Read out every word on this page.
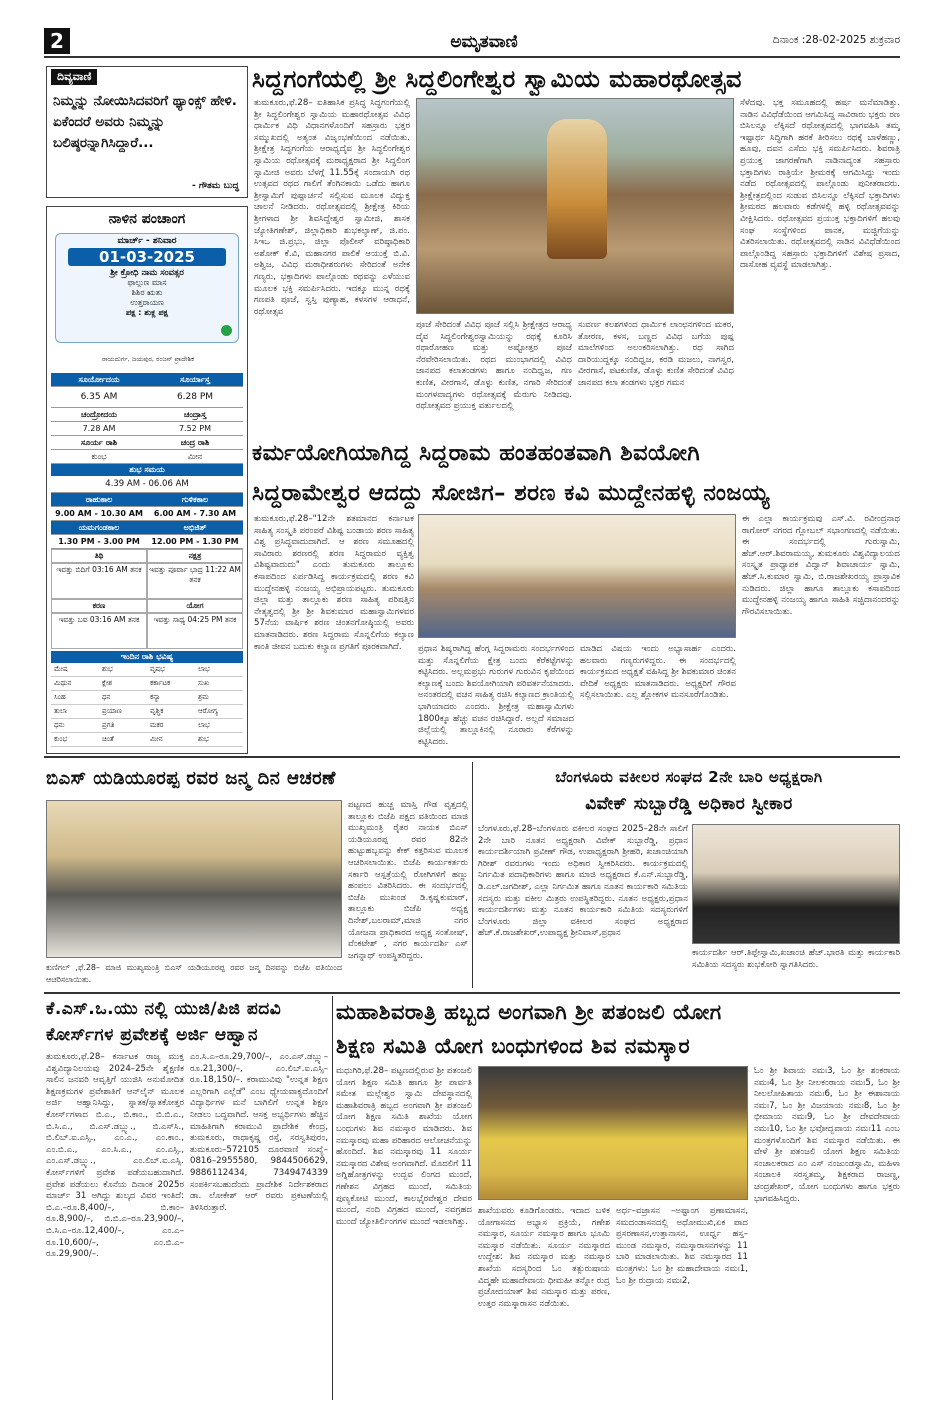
2	ಅಮೃತವಾಣಿ	ದಿನಾಂಕ :28-02-2025 ಶುಕ್ರವಾರ
ದಿವ್ಯವಾಣಿ
ನಿಮ್ಮನ್ನು ನೋಯಿಸಿದವರಿಗೆ ಥ್ಯಾಂಕ್ಸ್ ಹೇಳಿ. ಏಕೆಂದರೆ ಅವರು ನಿಮ್ಮನ್ನು ಬಲಿಷ್ಠರನ್ನಾಗಿಸಿದ್ದಾರೆ...
- ಗೌತಮ ಬುದ್ಧ
ನಾಳಿನ ಪಂಚಾಂಗ
ಮಾರ್ಚ್ - ಶನಿವಾರ
01-03-2025
ಶ್ರೀ ಕ್ರೋಧಿ ನಾಮ ಸಂವತ್ಸರ
ಫಾಲ್ಗುಣ ಮಾಸ
ಶಿಶಿರ ಋತು
ಉತ್ತರಾಯಣ
ಪಕ್ಷ : ಶುಕ್ಲ ಪಕ್ಷ
ರಾಯದುರ್ಗ, ಜಯಪುರ, ರಂಜನ್ ಪ್ರಾದೇಶಿಕ
ಸೂರ್ಯೋದಯ	ಸೂರ್ಯಾಸ್ತ
6.35 AM	6.28 PM
ಚಂದ್ರೋದಯ	ಚಂದ್ರಾಸ್ತ
7.28 AM	7.52 PM
ಸೂರ್ಯ ರಾಶಿ	ಚಂದ್ರ ರಾಶಿ
ಕುಂಭ	ಮೀನ
ಶುಭ ಸಮಯ
4.39 AM - 06.06 AM
ರಾಹುಕಾಲ	ಗುಳಿಕಕಾಲ
9.00 AM - 10.30 AM	6.00 AM - 7.30 AM
ಯಮಗಂಡಕಾಲ	ಅಭಿಜಿತ್
1.30 PM - 3.00 PM	12.00 PM - 1.30 PM
ತಿಥಿ	ನಕ್ಷತ್ರ
ಇವತ್ತು ಬಿದಿಗೆ 03:16 AM ತನಕ	ಇವತ್ತು ಪೂರ್ವಾ ಭಾದ್ರ 11:22 AM ತನಕ
ಕರಣ	ಯೋಗ
ಇವತ್ತು ಬವ 03:16 AM ತನಕ	ಇವತ್ತು ಸಾಧ್ಯ 04:25 PM ತನಕ
ಇಂದಿನ ರಾಶಿ ಭವಿಷ್ಯ
ಮೇಷ	ಶುಭ	ವೃಷಭ	ಲಾಭ
ಮಿಥುನ	ಕ್ಲೇಶ	ಕರ್ಕಾಟಕ	ಸುಖ
ಸಿಂಹ	ಧನ	ಕನ್ಯಾ	ಶ್ರಮ
ತುಲಾ	ಪ್ರಯಾಣ	ವೃಶ್ಚಿಕ	ಆರೋಗ್ಯ
ಧನು	ಪ್ರಗತಿ	ಮಕರ	ಲಾಭ
ಕುಂಭ	ಚಿಂತೆ	ಮೀನ	ಶುಭ
ಸಿದ್ದಗಂಗೆಯಲ್ಲಿ ಶ್ರೀ ಸಿದ್ದಲಿಂಗೇಶ್ವರ ಸ್ವಾಮಿಯ ಮಹಾರಥೋತ್ಸವ
ತುಮಕೂರು,ಫೆ.28– ಐತಿಹಾಸಿಕ ಪ್ರಸಿದ್ಧ ಸಿದ್ಧಗಂಗೆಯಲ್ಲಿ ಶ್ರೀ ಸಿದ್ಧಲಿಂಗೇಶ್ವರ ಸ್ವಾಮಿಯ ಮಹಾರಥೋತ್ಸವ ವಿವಿಧ ಧಾರ್ಮಿಕ ವಿಧಿ ವಿಧಾನಗಳೊಂದಿಗೆ ಸಹಸ್ರಾರು ಭಕ್ತರ ಸಮ್ಮುಖದಲ್ಲಿ ಅತ್ಯಂತ ವಿಜೃಂಭಣೆಯಿಂದ ನಡೆಯಿತು. ಶ್ರೀಕ್ಷೇತ್ರ ಸಿದ್ಧಗಂಗೆಯ ಆರಾಧ್ಯದೈವ ಶ್ರೀ ಸಿದ್ಧಲಿಂಗೇಶ್ವರ ಸ್ವಾಮಿಯ ರಥೋತ್ಸವಕ್ಕೆ ಮಠಾಧ್ಯಕ್ಷರಾದ ಶ್ರೀ ಸಿದ್ಧಲಿಂಗ ಸ್ವಾಮೀಜಿ ಅವರು ಬೆಳಗ್ಗೆ 11.55ಕ್ಕೆ ಸಂದಾಯಗಿ ರಥ ಉತ್ಸವದ ರಥದ ಗಾಲಿಗೆ ತೆಂಗಿನಕಾಯಿ ಒಡೆದು ಹಾಗೂ ಶ್ರೀಸ್ವಾಮಿಗೆ ಪುಷ್ಪಾರ್ಚನೆ ಸಲ್ಲಿಸುವ ಮೂಲಕ ವಿದ್ಯುಕ್ತ ಚಾಲನೆ ನೀಡಿದರು. ರಥೋತ್ಸವದಲ್ಲಿ ಶ್ರೀಕ್ಷೇತ್ರ ಕಿರಿಯ ಶ್ರೀಗಳಾದ ಶ್ರೀ ಶಿವಸಿದ್ದೇಶ್ವರ ಸ್ವಾಮೀಜಿ, ಶಾಸಕ ಜ್ಯೋತಿಗಣೇಶ್, ಜಿಲ್ಲಾಧಿಕಾರಿ ಶುಭಕಲ್ಯಾಣ್, ಜಿ.ಪಂ. ಸಿಇಒ ಜಿ.ಪ್ರಭು, ಜಿಲ್ಲಾ ಪೊಲೀಸ್ ವರಿಷ್ಠಾಧಿಕಾರಿ ಅಶೋಕ್ ಕೆ.ವಿ, ಮಹಾನಗರ ಪಾಲಿಕೆ ಆಯುಕ್ತೆ ಬಿ.ವಿ. ಅಶ್ವಿಜ, ವಿವಿಧ ಮಠಾಧೀಶರುಗಳು ಸೇರಿದಂತೆ ಅನೇಕ ಗಣ್ಯರು, ಭಕ್ತಾದಿಗಳು ಪಾಲ್ಗೊಂಡು ರಥವನ್ನು ಎಳೆಯುವ ಮೂಲಕ ಭಕ್ತಿ ಸಮರ್ಪಿಸಿದರು. ಇದಕ್ಕೂ ಮುನ್ನ ರಥಕ್ಕೆ ಗಣಪತಿ ಪೂಜೆ, ಸ್ವಸ್ತಿ ಪುಣ್ಯಾಹ, ಕಳಸಗಳ ಆರಾಧನೆ, ರಥೋತ್ಸವ
ಪೂಜೆ ಸೇರಿದಂತೆ ವಿವಿಧ ಪೂಜೆ ಸಲ್ಲಿಸಿ ಶ್ರೀಕ್ಷೇತ್ರದ ಆರಾಧ್ಯ ದೈವ ಸಿದ್ಧಲಿಂಗೇಶ್ವರಸ್ವಾಮಿಯನ್ನು ರಥಕ್ಕೆ ಕೂರಿಸಿ ರಥಾರೋಹಣ ಮತ್ತು ಅಷ್ಟೋತ್ತರ ಪೂಜೆ ನೆರವೇರಿಸಲಾಯಿತು. ರಥದ ಮುಂಭಾಗದಲ್ಲಿ ವಿವಿಧ ಜಾನಪದ ಕಲಾತಂಡಗಳು ಹಾಗೂ ನಂದಿಧ್ವಜ, ಗಣ ಕುಣಿತ, ವೀರಗಾಸೆ, ಡೊಳ್ಳು ಕುಣಿತ, ನಗಾರಿ ಸೇರಿದಂತೆ ಮಂಗಳವಾದ್ಯಗಳು ರಥೋತ್ಸವಕ್ಕೆ ಮೆರುಗು ನೀಡಿದವು. ರಥೋತ್ಸವದ ಪ್ರಯುಕ್ತ ವರ್ತುಲದಲ್ಲಿ
ಸುವರ್ಣ ಕಲಶಗಳಿಂದ ಧಾರ್ಮಿಕ ಲಾಂಛನಗಳಿಂದ ಮಕರ, ತೋರಣ, ಕಳಸ, ಬಣ್ಣದ ವಿವಿಧ ಬಗೆಯ ಪುಷ್ಪ ಮಾಲೆಗಳಿಂದ ಅಲಂಕರಿಸಲಾಗಿತ್ತು. ರಥ ಸಾಗಿದ ದಾರಿಯುದ್ದಕ್ಕೂ ನಂದಿಧ್ವಜ, ಕರಡಿ ಮಜಲು, ನಾಗಸ್ವರ, ವೀರಗಾಸೆ, ಪಟಕುಣಿತ, ಡೊಳ್ಳು ಕುಣಿತ ಸೇರಿದಂತೆ ವಿವಿಧ ಜಾನಪದ ಕಲಾ ತಂಡಗಳು ಭಕ್ತರ ಗಮನ
ಸೆಳೆದವು. ಭಕ್ತ ಸಮೂಹದಲ್ಲಿ ಹರ್ಷ ಮನೆಮಾಡಿತ್ತು. ನಾಡಿನ ವಿವಿಧೆಡೆಯಿಂದ ಆಗಮಿಸಿದ್ದ ಸಾವಿರಾರು ಭಕ್ತರು ರಣ ಬಿಸಿಲನ್ನೂ ಲೆಕ್ಕಿಸದೆ ರಥೋತ್ಸವದಲ್ಲಿ ಭಾಗವಹಿಸಿ ತಮ್ಮ ಇಷ್ಟಾರ್ಥ ಸಿದ್ಧಿಗಾಗಿ ಹರಕೆ ತೀರಿಸಲು ರಥಕ್ಕೆ ಬಾಳೆಹಣ್ಣು, ಹೂವು, ದವನ ಎಸೆದು ಭಕ್ತಿ ಸಮರ್ಪಿಸಿದರು. ಶಿವರಾತ್ರಿ ಪ್ರಯುಕ್ತ ಜಾಗರಣೆಗಾಗಿ ನಾಡಿನಾದ್ಯಂತ ಸಹಸ್ರಾರು ಭಕ್ತಾದಿಗಳು ರಾತ್ರಿಯೇ ಶ್ರೀಮಠಕ್ಕೆ ಆಗಮಿಸಿದ್ದು ಇಂದು ನಡೆದ ರಥೋತ್ಸವದಲ್ಲಿ ಪಾಲ್ಗೊಂಡು ಪುನೀತರಾದರು. ಶ್ರೀಕ್ಷೇತ್ರದಲ್ಲಿಂದ ಸುಡುವ ಬಿಸಿಲನ್ನೂ ಲೆಕ್ಕಿಸದೆ ಭಕ್ತಾದಿಗಳು ಶ್ರೀಮಠದ ಹಲವಾರು ಕಡೆಗಳಲ್ಲಿ ಹಳ್ಳಿ ರಥೋತ್ಸವವನ್ನು ವೀಕ್ಷಿಸಿದರು. ರಥೋತ್ಸವದ ಪ್ರಯುಕ್ತ ಭಕ್ತಾದಿಗಳಿಗೆ ಹಲವು ಸಂಘ ಸಂಸ್ಥೆಗಳಿಂದ ಪಾನಕ, ಮಜ್ಜಿಗೆಯನ್ನು ವಿತರಿಸಲಾಯಿತು. ರಥೋತ್ಸವದಲ್ಲಿ ನಾಡಿನ ವಿವಿಧೆಡೆಯಿಂದ ಪಾಲ್ಗೊಂಡಿದ್ದ ಸಹಸ್ರಾರು ಭಕ್ತಾದಿಗಳಿಗೆ ವಿಶೇಷ ಪ್ರಸಾದ, ದಾಸೋಹ ವ್ಯವಸ್ಥೆ ಮಾಡಲಾಗಿತ್ತು.
ಕರ್ಮಯೋಗಿಯಾಗಿದ್ದ ಸಿದ್ದರಾಮ ಹಂತಹಂತವಾಗಿ ಶಿವಯೋಗಿ
ಸಿದ್ದರಾಮೇಶ್ವರ ಆದದ್ದು ಸೋಜಿಗ– ಶರಣ ಕವಿ ಮುದ್ದೇನಹಳ್ಳಿ ನಂಜಯ್ಯ
ತುಮಕೂರು,ಫೆ.28–"12ನೇ ಶತಮಾನದ ಕರ್ನಾಟಕ ಸಾಹಿತ್ಯ ಸಂಸ್ಕೃತಿ ಪರಂಪರೆ ವಿಶಿಷ್ಟ ಬಂಡಾಯ ಶರಣ ಸಾಹಿತ್ಯ ವಿಶ್ವ ಪ್ರಸಿದ್ಧವಾದುದಾಗಿದೆ. ಆ ಶರಣ ಸಮೂಹದಲ್ಲಿ ಸಾವಿರಾರು ಶರಣರಲ್ಲಿ ಶರಣ ಸಿದ್ದರಾಮರ ವ್ಯಕ್ತಿತ್ವ ವಿಶಿಷ್ಟವಾದುದು" ಎಂದು ತುಮಕೂರು ತಾಲ್ಲೂಕು ಕಸಾಪದಿಂದ ಏರ್ಪಡಿಸಿದ್ದ ಕಾರ್ಯಕ್ರಮದಲ್ಲಿ ಶರಣ ಕವಿ ಮುದ್ದೇನಹಳ್ಳಿ ನಂಜಯ್ಯ ಅಭಿಪ್ರಾಯಪಟ್ಟರು. ತುಮಕೂರು ಜಿಲ್ಲಾ ಮತ್ತು ತಾಲ್ಲೂಕು ಶರಣ ಸಾಹಿತ್ಯ ಪರಿಷತ್ತಿನ ನೇತೃತ್ವದಲ್ಲಿ ಶ್ರೀ ಶ್ರೀ ಶಿವಕುಮಾರ ಮಹಾಸ್ವಾಮಿಗಳವರ 57ನೆಯ ವಾರ್ಷಿಕ ಶರಣ ಚಿಂತನಗೋಷ್ಠಿಯಲ್ಲಿ ಅವರು ಮಾತನಾಡಿದರು. ಶರಣ ಸಿದ್ದರಾಮ ಸೊನ್ನಲಿಗೆಯ ಕಲ್ಯಾಣ ಕಾಂತಿ ಜೀವನ ಬದುಕು ಕಲ್ಯಾಣ ಪ್ರಗತಿಗೆ ಪೂರಕವಾಗಿದೆ.	ಪ್ರಧಾನ ಶಿಷ್ಯರಾಗಿದ್ದ ಹೆಂಗ್ಗ ಸಿದ್ದರಾಮರು ಸಂದರ್ಭಗಳಿಂದ ಮತ್ತು ಸೊನ್ನಲಿಗೆಯ ಕ್ಷೇತ್ರ ಬಂದು ಕೆರೆಕಟ್ಟೆಗಳನ್ನು ಕಟ್ಟಿಸಿದರು. ಅಲ್ಲಮಪ್ರಭು ಗುರುಗಳ ಗುರುವಿನ ಕೃಪೆಯಿಂದ ಕಲ್ಯಾಣಕ್ಕೆ ಬಂದು ಶಿವಯೋಗಿಯಾಗಿ ಪರಿವರ್ತನೆಯಾದರು. ಅನಂತರದಲ್ಲಿ ವಚನ ಸಾಹಿತ್ಯ ರಚಿಸಿ ಕಲ್ಯಾಣದ ಕ್ರಾಂತಿಯಲ್ಲಿ ಭಾಗಿಯಾದರು ಎಂದರು. ಶ್ರೀಕ್ಷೇತ್ರ ಮಹಾಸ್ವಾಮಿಗಳು 1800ಕ್ಕೂ ಹೆಚ್ಚು ವಚನ ರಚಿಸಿದ್ದಾರೆ. ಅಲ್ಲದೆ ಸಮಾಜದ ಜಿಲ್ಲೆಯಲ್ಲಿ ತಾಲ್ಲೂಕಿನಲ್ಲಿ ನೂರಾರು ಕೆರೆಗಳನ್ನು ಕಟ್ಟಿಸಿದರು.
ಮಾಡಿದ ವಿಷಯ ಇಂದು ಅಭ್ಯಾಸಾರ್ಹ ಎಂದರು. ಹಲವಾರು ಗಣ್ಯರುಗಳಿದ್ದರು. ಈ ಸಂದರ್ಭದಲ್ಲಿ ಕಾರ್ಯಕ್ರಮದ ಅಧ್ಯಕ್ಷತೆ ವಹಿಸಿದ್ದ ಶ್ರೀ ಶಿವಕುಮಾರ ಚಿಂತನ ವೇದಿಕೆ ಅಧ್ಯಕ್ಷರು ಮಾತನಾಡಿದರು. ಅಧ್ಯಕ್ಷರಿಗೆ ಗೌರವ ಸಲ್ಲಿಸಲಾಯಿತು. ಎಲ್ಲ ಶ್ಲೋಕಗಳ ಮನಸೂರೆಗೊಂಡಿತು.
ಈ ಎಲ್ಲಾ ಕಾರ್ಯಕ್ರಮವು ಎಸ್.ವಿ. ರವೀಂದ್ರನಾಥ ಠಾಗೋರ್ ನಗರದ ಗ್ಲೋಬಲ್ ಸಭಾಂಗಣದಲ್ಲಿ ನಡೆಯಿತು. ಈ ಸಂದರ್ಭದಲ್ಲಿ ಗುರುಸ್ವಾಮಿ, ಹೆಚ್.ಆರ್.ಶಿವರಾಮಯ್ಯ, ತುಮಕೂರು ವಿಶ್ವವಿದ್ಯಾಲಯದ ಸಂಸ್ಕೃತ ಪ್ರಾಧ್ಯಾಪಕ ವಿದ್ವಾನ್ ಶಿವಾಚಾರ್ಯ ಸ್ವಾಮಿ, ಹೆಚ್.ಸಿ.ಕುಮಾರ ಸ್ವಾಮಿ, ಬಿ.ರಾಜಶೇಖರಯ್ಯ ಪ್ರಾಸ್ತಾವಿಕ ನುಡಿದರು. ಜಿಲ್ಲಾ ಹಾಗೂ ತಾಲ್ಲೂಕು ಕಸಾಪದಿಂದ ಮುದ್ದೇನಹಳ್ಳಿ ನಂಜಯ್ಯ ಹಾಗೂ ಸಾಹಿತಿ ಸಚ್ಚಿದಾನಂದರನ್ನು ಗೌರವಿಸಲಾಯಿತು.
ಬಿಎಸ್ ಯಡಿಯೂರಪ್ಪ ರವರ ಜನ್ಮ ದಿನ ಆಚರಣೆ
ಕುಣಿಗಲ್ ,ಫೆ.28– ಮಾಜಿ ಮುಖ್ಯಮಂತ್ರಿ ಬಿಎಸ್ ಯಡಿಯೂರಪ್ಪ ರವರ ಜನ್ಮ ದಿನವನ್ನು ಬಿಜೆಪಿ ವತಿಯಿಂದ ಆಚರಿಸಲಾಯಿತು.
ಪಟ್ಟಣದ ಹುಚ್ಚ ಮಾಸ್ತಿ ಗೌಡ ವೃತ್ತದಲ್ಲಿ ತಾಲ್ಲೂಕು ಬಿಜೆಪಿ ಪಕ್ಷದ ವತಿಯಿಂದ ಮಾಜಿ ಮುಖ್ಯಮಂತ್ರಿ ರೈತರ ನಾಯಕ ಬಿಎಸ್ ಯಡಿಯೂರಪ್ಪ ರವರ 82ನೇ ಹುಟ್ಟುಹಬ್ಬವನ್ನು ಕೇಕ್ ಕತ್ತರಿಸುವ ಮೂಲಕ ಆಚರಿಸಲಾಯಿತು. ಬಿಜೆಪಿ ಕಾರ್ಯಕರ್ತರು ಸರ್ಕಾರಿ ಆಸ್ಪತ್ರೆಯಲ್ಲಿ ರೋಗಿಗಳಿಗೆ ಹಣ್ಣು ಹಂಪಲು ವಿತರಿಸಿದರು. ಈ ಸಂದರ್ಭದಲ್ಲಿ ಬಿಜೆಪಿ ಮುಖಂಡ ಡಿ.ಕೃಷ್ಣಕುಮಾರ್, ತಾಲ್ಲೂಕು ಬಿಜೆಪಿ ಅಧ್ಯಕ್ಷ ದಿನೇಶ್,ಬಲರಾಮ್,ಮಾಜಿ ನಗರ ಯೋಜನಾ ಪ್ರಾಧಿಕಾರದ ಅಧ್ಯಕ್ಷ ಸಂತೋಷ್, ವೆಂಕಟೇಶ್ , ನಗರ ಕಾರ್ಯದರ್ಶಿ ಎಸ್ ಜಗನ್ನಾಥ್ ಉಪಸ್ಥಿತರಿದ್ದರು.
ಬೆಂಗಳೂರು ವಕೀಲರ ಸಂಘದ 2ನೇ ಬಾರಿ ಅಧ್ಯಕ್ಷರಾಗಿ
ವಿವೇಕ್ ಸುಬ್ಬಾರೆಡ್ಡಿ ಅಧಿಕಾರ ಸ್ವೀಕಾರ
ಬೆಂಗಳೂರು,ಫೆ.28–ಬೆಂಗಳೂರು ವಕೀಲರ ಸಂಘದ 2025–28ನೇ ಸಾಲಿಗೆ 2ನೇ ಬಾರಿ ನೂತನ ಅಧ್ಯಕ್ಷರಾಗಿ ವಿವೇಕ್ ಸುಬ್ಬಾರೆಡ್ಡಿ, ಪ್ರಧಾನ ಕಾರ್ಯದರ್ಶಿಯಾಗಿ ಪ್ರವೀಣ್ ಗೌಡ, ಉಪಾಧ್ಯಕ್ಷರಾಗಿ ಶ್ರೀಹರಿ, ಖಜಾಂಚಿಯಾಗಿ ಗಿರೀಶ್ ರವರುಗಳು ಇಂದು ಅಧಿಕಾರ ಸ್ವೀಕರಿಸಿದರು. ಕಾರ್ಯಕ್ರಮದಲ್ಲಿ ನಿರ್ಗಮಿತ ಪದಾಧಿಕಾರಿಗಳು ಹಾಗೂ ಮಾಜಿ ಅಧ್ಯಕ್ಷರಾದ ಕೆ.ಎನ್.ಸುಬ್ಬಾರೆಡ್ಡಿ, ಡಿ.ಎಲ್.ಜಗದೀಶ್, ಎಲ್ಲಾ ನಿರ್ಗಮಿತ ಹಾಗೂ ನೂತನ ಕಾರ್ಯಕಾರಿ ಸಮಿತಿಯ ಸದಸ್ಯರು ಮತ್ತು ವಕೀಲ ಮಿತ್ರರು ಉಪಸ್ಥಿತರಿದ್ದರು. ನೂತನ ಅಧ್ಯಕ್ಷರು,ಪ್ರಧಾನ ಕಾರ್ಯದರ್ಶಿಗಳು ಮತ್ತು ನೂತನ ಕಾರ್ಯಕಾರಿ ಸಮಿತಿಯ ಸದಸ್ಯರುಗಳಿಗೆ ಬೆಂಗಳೂರು ಜಿಲ್ಲಾ ವಕೀಲರ ಸಂಘದ ಅಧ್ಯಕ್ಷರಾದ ಹೆಚ್.ಕೆ.ರಾಜಶೇಖರ್,ಉಪಾಧ್ಯಕ್ಷ ಶ್ರೀನಿವಾಸ್,ಪ್ರಧಾನ
ಕಾರ್ಯದರ್ಶಿ ಆರ್.ತಿಪ್ಪೇಸ್ವಾಮಿ,ಖಜಾಂಚಿ ಹೆಚ್.ಭಾರತಿ ಮತ್ತು ಕಾರ್ಯಕಾರಿ ಸಮಿತಿಯ ಸದಸ್ಯರು ಶುಭಕೋರಿ ಸ್ವಾಗತಿಸಿದರು.
ಕೆ.ಎಸ್.ಒ.ಯು ನಲ್ಲಿ ಯುಜಿ/ಪಿಜಿ ಪದವಿ
ಕೋರ್ಸ್‌ಗಳ ಪ್ರವೇಶಕ್ಕೆ ಅರ್ಜಿ ಆಹ್ವಾನ
ತುಮಕೂರು,ಫೆ.28– ಕರ್ನಾಟಕ ರಾಜ್ಯ ಮುಕ್ತ ವಿಶ್ವವಿದ್ಯಾನಿಲಯವು 2024–25ನೇ ಶೈಕ್ಷಣಿಕ ಸಾಲಿನ ಜನವರಿ ಆವೃತ್ತಿಗೆ ಯುಜಿಸಿ ಅನುಮೋದಿತ ಶಿಕ್ಷಣಕ್ರಮಗಳ ಪ್ರವೇಶಾತಿಗೆ ಆನ್‌ಲೈನ್ ಮೂಲಕ ಅರ್ಜಿ ಆಹ್ವಾನಿಸಿದ್ದು, ಸ್ನಾತಕ/ಸ್ನಾತಕೋತ್ತರ ಕೋರ್ಸ್‌ಗಳಾದ ಬಿ.ಎ., ಬಿ.ಕಾಂ., ಬಿ.ಬಿ.ಎ., ಬಿ.ಸಿ.ಎ., ಬಿ.ಎಸ್.ಡಬ್ಲ್ಯು., ಬಿ.ಎಸ್‌ಸಿ., ಬಿ.ಲಿಬ್.ಐ.ಎಸ್ಸಿ., ಎಂ.ಎ., ಎಂ.ಕಾಂ., ಎಂ.ಬಿ.ಎ., ಎಂ.ಸಿ.ಎ., ಎಂ.ಎಸ್ಸಿ., ಎಂ.ಎಸ್.ಡಬ್ಲ್ಯು., ಎಂ.ಲಿಬ್.ಐ.ಎಸ್ಸಿ. ಕೋರ್ಸ್‌ಗಳಿಗೆ ಪ್ರವೇಶ ಪಡೆಯಬಹುದಾಗಿದೆ. ಪ್ರವೇಶ ಪಡೆಯಲು ಕೊನೆಯ ದಿನಾಂಕ 2025ರ ಮಾರ್ಚ್ 31 ಆಗಿದ್ದು ಶುಲ್ಕದ ವಿವರ ಇಂತಿದೆ: ಬಿ.ಎ.–ರೂ.8,400/–, ಬಿ.ಕಾಂ–ರೂ.8,900/–, ಬಿ.ಬಿ.ಎ–ರೂ.23,900/–, ಬಿ.ಸಿ.ಎ–ರೂ.12,400/–, ಎಂ.ಎ–ರೂ.10,600/–, ಎಂ.ಬಿ.ಎ–ರೂ.29,900/–.
ಎಂ.ಸಿ.ಎ–ರೂ.29,700/–, ಎಂ.ಎಸ್.ಡಬ್ಲ್ಯು–ರೂ.21,300/–, ಎಂ.ಲಿಬ್.ಐ.ಎಸ್ಸಿ–ರೂ.18,150/–. ಕರಾಮುವಿವು "ಉನ್ನತ ಶಿಕ್ಷಣ ಎಲ್ಲರಿಗಾಗಿ ಎಲ್ಲೆಡೆ" ಎಂಬ ಧ್ಯೇಯವಾಕ್ಯದೊಂದಿಗೆ ವಿದ್ಯಾರ್ಥಿಗಳ ಮನೆ ಬಾಗಿಲಿಗೆ ಉನ್ನತ ಶಿಕ್ಷಣ ನೀಡಲು ಬದ್ಧವಾಗಿದೆ. ಆಸಕ್ತ ಅಭ್ಯರ್ಥಿಗಳು ಹೆಚ್ಚಿನ ಮಾಹಿತಿಗಾಗಿ ಕರಾಮುವಿ ಪ್ರಾದೇಶಿಕ ಕೇಂದ್ರ, ತುಮಕೂರು, ರಾಧಾಕೃಷ್ಣ ರಸ್ತೆ, ಸರಸ್ವತಿಪುರಂ, ತುಮಕೂರು–572105 ದೂರವಾಣಿ ಸಂಖ್ಯೆ– 0816–2955580, 9844506629, 9886112434, 7349474339 ಸಂಪರ್ಕಿಸಬಹುದೆಂದು ಪ್ರಾದೇಶಿಕ ನಿರ್ದೇಶಕರಾದ ಡಾ. ಲೋಕೇಶ್ ಆರ್ ರವರು ಪ್ರಕಟಣೆಯಲ್ಲಿ ತಿಳಿಸಿರುತ್ತಾರೆ.
ಮಹಾಶಿವರಾತ್ರಿ ಹಬ್ಬದ ಅಂಗವಾಗಿ ಶ್ರೀ ಪತಂಜಲಿ ಯೋಗ
ಶಿಕ್ಷಣ ಸಮಿತಿ ಯೋಗ ಬಂಧುಗಳಿಂದ ಶಿವ ನಮಸ್ಕಾರ
ಮಧುಗಿರಿ,ಫೆ.28– ಪಟ್ಟಣದಲ್ಲಿರುವ ಶ್ರೀ ಪತಂಜಲಿ ಯೋಗ ಶಿಕ್ಷಣ ಸಮಿತಿ ಹಾಗೂ ಶ್ರೀ ಪಾರ್ವತಿ ಸಮೇತ ಮಲ್ಲೇಶ್ವರ ಸ್ವಾಮಿ ದೇವಸ್ಥಾನದಲ್ಲಿ ಮಹಾಶಿವರಾತ್ರಿ ಹಬ್ಬದ ಅಂಗವಾಗಿ ಶ್ರೀ ಪತಂಜಲಿ ಯೋಗ ಶಿಕ್ಷಣ ಸಮಿತಿ ಶಾಖೆಯ ಯೋಗ ಬಂಧುಗಳು ಶಿವ ನಮಸ್ಕಾರ ಮಾಡಿದರು. ಶಿವ ನಮಸ್ಕಾರವು ಮಹಾ ಪರಿಹಾರದ ಆಲೋಚನೆಯನ್ನು ಹೊಂದಿದೆ. ಶಿವ ನಮಸ್ಕಾರವು 11 ಸೂರ್ಯ ನಮಸ್ಕಾರದ ವಿಶೇಷ ಅಂಗವಾಗಿದೆ. ಮೊದಲಿಗೆ 11 ಅಗ್ನಿಹೋತ್ರಗಳನ್ನು ಉದ್ಭವ ಲಿಂಗದ ಮುಂದೆ, ಗಣೇಶನ ವಿಗ್ರಹದ ಮುಂದೆ, ಸಮಿತಿಯ ಪುಣ್ಯಕೋಟಿ ಮುಂದೆ, ಕಾಲಭೈರವೇಶ್ವರ ದೇವರ ಮುಂದೆ, ನಂದಿ ವಿಗ್ರಹದ ಮುಂದೆ, ನವಗ್ರಹದ ಮುಂದೆ ಜ್ಯೋತಿರ್ಲಿಂಗಗಳ ಮುಂದೆ ಇಡಲಾಗಿತ್ತು.
ಶಾಖೆಯವರು ಕೂಡಿಗೊಂಡರು. ಇದಾದ ಬಳಿಕ ಯೋಗಾಸನದ ಅಭ್ಯಾಸ ಪ್ರಕ್ರಿಯೆ, ಗಣೇಶ ನಮಸ್ಕಾರ, ಸೂರ್ಯ ನಮಸ್ಕಾರ ಹಾಗೂ ಭೂಮಿ ನಮಸ್ಕಾರ ನಡೆಯಿತು. ಸೂರ್ಯ ನಮಸ್ಕಾರದ ಉದ್ದೇಶ: ಶಿವ ನಮಸ್ಕಾರ ಮತ್ತು ನಮಸ್ಕಾರ ಶಾಖೆಯ ಸದಸ್ಯರಿಂದ ಓಂ ತತ್ಪುರುಷಾಯ ವಿದ್ಮಹೇ ಮಹಾದೇವಾಯ ಧೀಮಹೀ ತನ್ನೋ ರುದ್ರ ಪ್ರಚೋದಯಾತ್ ಶಿವ ನಮಸ್ಕಾರ ಮತ್ತು ಪಠಣ, ಉತ್ತರ ನಮಸ್ಕಾರಾಸನ ನಡೆಯಿತು.
ಅರ್ಧ–ವಜ್ರಾಸನ –ಅಷ್ಟಾಂಗ ಪ್ರಣಾಮಾಸನ, ಸಮದಂಡಾಸನದಲ್ಲಿ ಅಧೋಮುಖಿ,ಏಕ ಪಾದ ಪ್ರಸರಣಾಸನ,ಉತ್ತಾನಾಸನ, ಊರ್ಧ್ವ ಹಸ್ತ–ಮುಂಡ ನಮಸ್ಕಾರ, ನಮಸ್ಕಾರಾಸನಗಳನ್ನು 11 ಬಾರಿ ಮಾಡಲಾಯಿತು. ಶಿವ ನಮಸ್ಕಾರದ 11 ಮಂತ್ರಗಳು: ಓಂ ಶ್ರೀ ಮಹಾದೇವಾಯ ನಮಃ1, ಓಂ ಶ್ರೀ ರುದ್ರಾಯ ನಮಃ2,
ಓಂ ಶ್ರೀ ಶಿವಾಯ ನಮಃ3, ಓಂ ಶ್ರೀ ಶಂಕರಾಯ ನಮಃ4, ಓಂ ಶ್ರೀ ನೀಲಕಂಠಾಯ ನಮಃ5, ಓಂ ಶ್ರೀ ನೀಲಲೋಹಿತಾಯ ನಮಃ6, ಓಂ ಶ್ರೀ ಈಶಾನಾಯ ನಮಃ7, ಓಂ ಶ್ರೀ ವಿಜಯಾಯ ನಮಃ8, ಓಂ ಶ್ರೀ ಭೀಮಾಯ ನಮಃ9, ಓಂ ಶ್ರೀ ದೇವದೇವಾಯ ನಮಃ10, ಓಂ ಶ್ರೀ ಭವೋದ್ಭವಾಯ ನಮಃ11 ಎಂಬ ಮಂತ್ರಗಳೊಂದಿಗೆ ಶಿವ ನಮಸ್ಕಾರ ನಡೆಯಿತು. ಈ ವೇಳೆ ಶ್ರೀ ಪತಂಜಲಿ ಯೋಗ ಶಿಕ್ಷಣ ಸಮಿತಿಯ ಸಂಚಾಲಕರಾದ ಎಂ ಎಸ್ ನಂಜುಂಡಸ್ವಾಮಿ, ಮಹಿಳಾ ಸಂಚಾಲಕಿ ಸರಸ್ವತಮ್ಮ, ಶಿಕ್ಷಕರಾದ ರಾಜಣ್ಣ, ಚಂದ್ರಶೇಖರ್, ಯೋಗ ಬಂಧುಗಳು ಹಾಗೂ ಭಕ್ತರು ಭಾಗವಹಿಸಿದ್ದರು.
